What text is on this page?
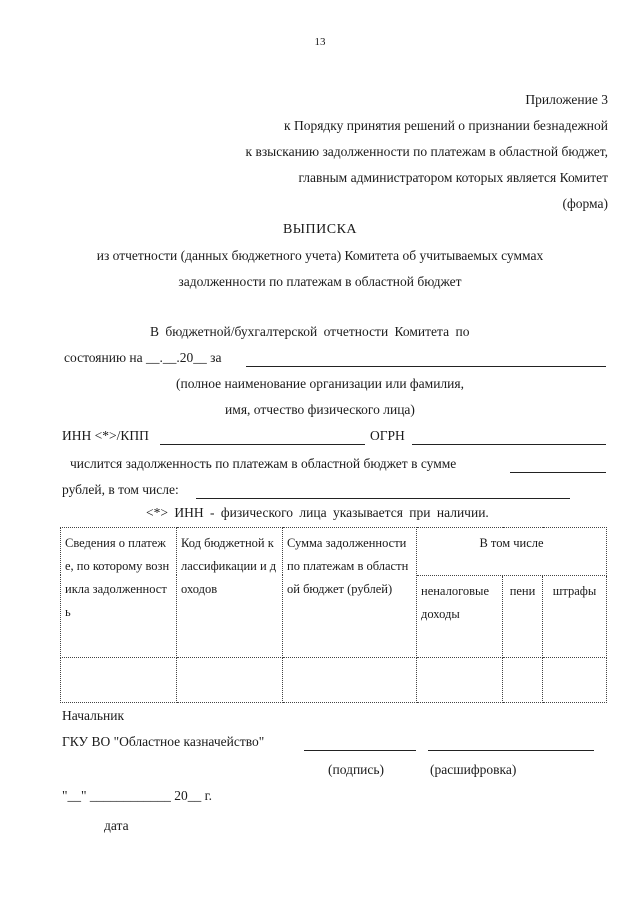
13
Приложение 3
к Порядку принятия решений о признании безнадежной
к взысканию задолженности по платежам в областной бюджет,
главным администратором которых является Комитет
(форма)
ВЫПИСКА
из отчетности (данных бюджетного учета) Комитета об учитываемых суммах
задолженности по платежам в областной бюджет
В бюджетной/бухгалтерской отчетности Комитета по
состоянию на __.__.20__ за
(полное наименование организации или фамилия,
имя, отчество физического лица)
ИНН <*>/КПП	ОГРН
числится задолженность по платежам в областной бюджет в сумме
рублей, в том числе:
<*> ИНН - физического лица указывается при наличии.
Сведения о платеже, по которому возникла задолженность	Код бюджетной классификации и доходов	Сумма задолженности по платежам в областной бюджет (рублей)	В том числе		
			неналоговые доходы	пени	штрафы

Начальник
ГКУ ВО "Областное казначейство"
(подпись)	(расшифровка)
"__" ____________ 20__ г.
дата
